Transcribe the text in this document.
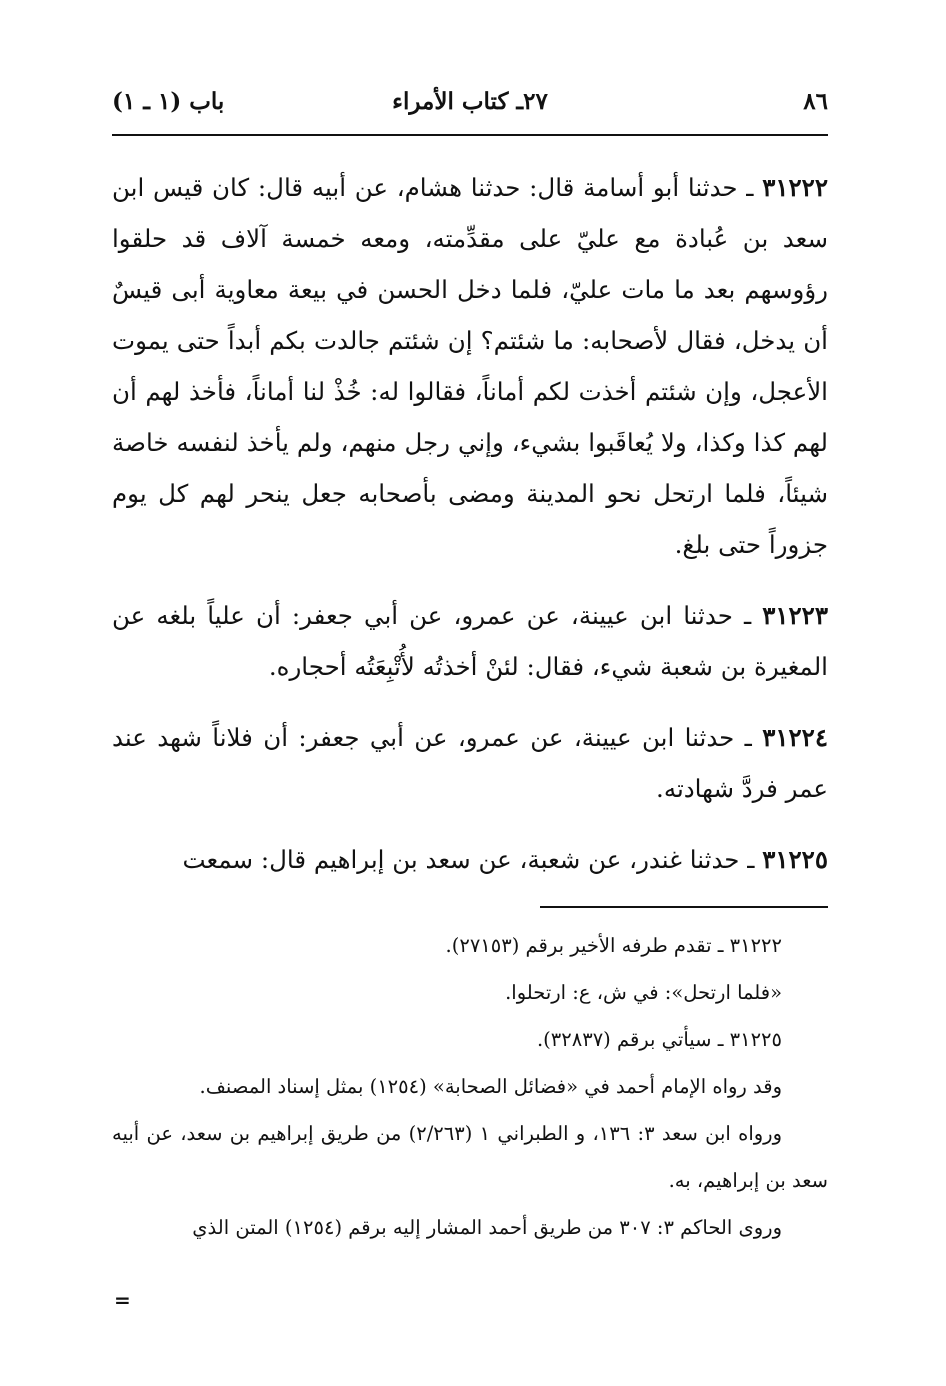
٨٦
٢٧ـ كتاب الأمراء
باب (١ ـ ١)

٣١٢٢٢ ـ حدثنا أبو أسامة قال: حدثنا هشام، عن أبيه قال: كان قيس ابن سعد بن عُبادة مع عليّ على مقدِّمته، ومعه خمسة آلاف قد حلقوا رؤوسهم بعد ما مات عليّ، فلما دخل الحسن في بيعة معاوية أبى قيسٌ أن يدخل، فقال لأصحابه: ما شئتم؟ إن شئتم جالدت بكم أبداً حتى يموت الأعجل، وإن شئتم أخذت لكم أماناً، فقالوا له: خُذْ لنا أماناً، فأخذ لهم أن لهم كذا وكذا، ولا يُعاقَبوا بشيء، وإني رجل منهم، ولم يأخذ لنفسه خاصة شيئاً، فلما ارتحل نحو المدينة ومضى بأصحابه جعل ينحر لهم كل يوم جزوراً حتى بلغ.

٣١٢٢٣ ـ حدثنا ابن عيينة، عن عمرو، عن أبي جعفر: أن علياً بلغه عن المغيرة بن شعبة شيء، فقال: لئنْ أخذتُه لأُتْبِعَتُه أحجاره.

٣١٢٢٤ ـ حدثنا ابن عيينة، عن عمرو، عن أبي جعفر: أن فلاناً شهد عند عمر فردَّ شهادته.

٣١٢٢٥ ـ حدثنا غندر، عن شعبة، عن سعد بن إبراهيم قال: سمعت

٣١٢٢٢ ـ تقدم طرفه الأخير برقم (٢٧١٥٣).

«فلما ارتحل»: في ش، ع: ارتحلوا.

٣١٢٢٥ ـ سيأتي برقم (٣٢٨٣٧).

وقد رواه الإمام أحمد في «فضائل الصحابة» (١٢٥٤) بمثل إسناد المصنف.

ورواه ابن سعد ٣: ١٣٦، و الطبراني ١ (٢/٢٦٣) من طريق إبراهيم بن سعد، عن أبيه سعد بن إبراهيم، به.

وروى الحاكم ٣: ٣٠٧ من طريق أحمد المشار إليه برقم (١٢٥٤) المتن الذي

=
